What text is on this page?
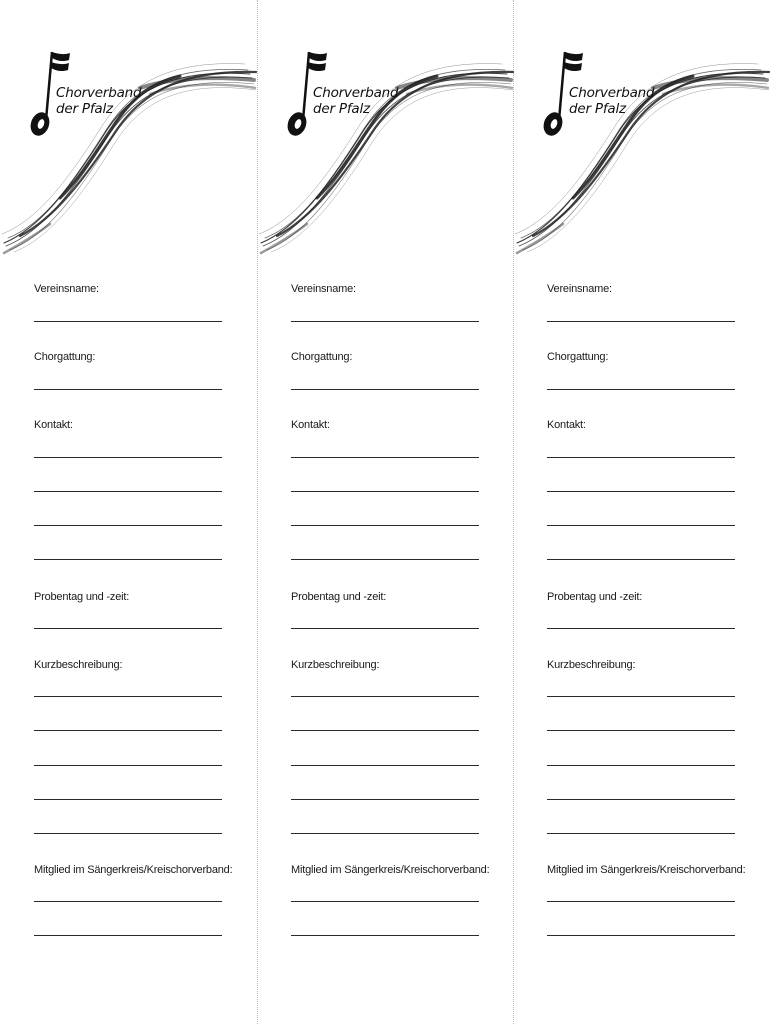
Chorverband
der Pfalz
Vereinsname:
Chorgattung:
Kontakt:
Probentag und -zeit:
Kurzbeschreibung:
Mitglied im Sängerkreis/Kreischorverband:
Chorverband
der Pfalz
Vereinsname:
Chorgattung:
Kontakt:
Probentag und -zeit:
Kurzbeschreibung:
Mitglied im Sängerkreis/Kreischorverband:
Chorverband
der Pfalz
Vereinsname:
Chorgattung:
Kontakt:
Probentag und -zeit:
Kurzbeschreibung:
Mitglied im Sängerkreis/Kreischorverband:
